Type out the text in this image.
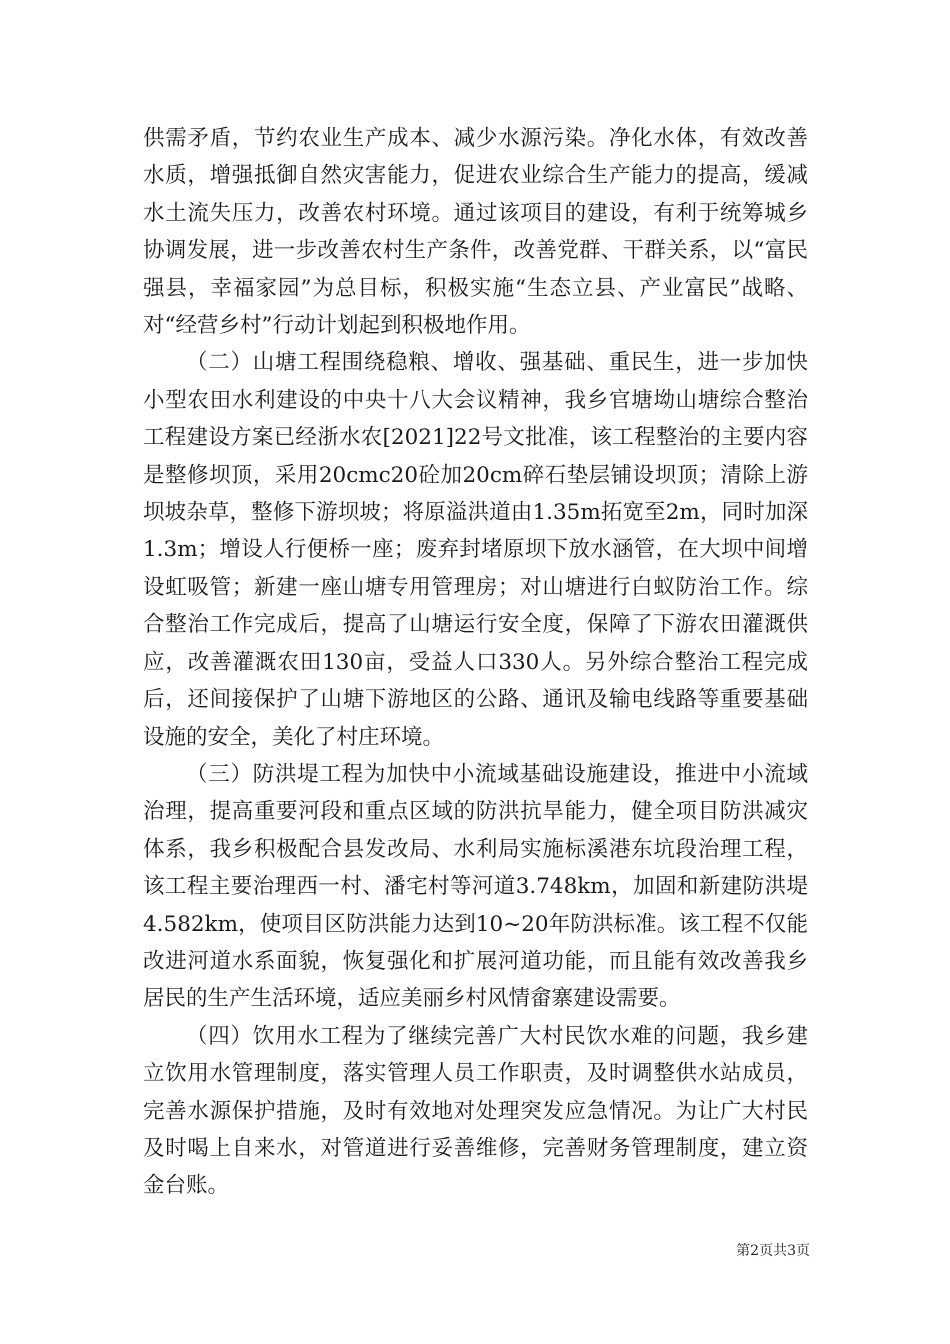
供需矛盾，节约农业生产成本、减少水源污染。净化水体，有效改善水质，增强抵御自然灾害能力，促进农业综合生产能力的提高，缓减水土流失压力，改善农村环境。通过该项目的建设，有利于统筹城乡协调发展，进一步改善农村生产条件，改善党群、干群关系，以“富民强县，幸福家园”为总目标，积极实施“生态立县、产业富民”战略、对“经营乡村”行动计划起到积极地作用。

（二）山塘工程围绕稳粮、增收、强基础、重民生，进一步加快小型农田水利建设的中央十八大会议精神，我乡官塘坳山塘综合整治工程建设方案已经浙水农[2021]22号文批准，该工程整治的主要内容是整修坝顶，采用20cmc20砼加20cm碎石垫层铺设坝顶；清除上游坝坡杂草，整修下游坝坡；将原溢洪道由1.35m拓宽至2m，同时加深1.3m；增设人行便桥一座；废弃封堵原坝下放水涵管，在大坝中间增设虹吸管；新建一座山塘专用管理房；对山塘进行白蚁防治工作。综合整治工作完成后，提高了山塘运行安全度，保障了下游农田灌溉供应，改善灌溉农田130亩，受益人口330人。另外综合整治工程完成后，还间接保护了山塘下游地区的公路、通讯及输电线路等重要基础设施的安全，美化了村庄环境。

（三）防洪堤工程为加快中小流域基础设施建设，推进中小流域治理，提高重要河段和重点区域的防洪抗旱能力，健全项目防洪减灾体系，我乡积极配合县发改局、水利局实施标溪港东坑段治理工程，该工程主要治理西一村、潘宅村等河道3.748km，加固和新建防洪堤4.582km，使项目区防洪能力达到10~20年防洪标准。该工程不仅能改进河道水系面貌，恢复强化和扩展河道功能，而且能有效改善我乡居民的生产生活环境，适应美丽乡村风情畲寨建设需要。

（四）饮用水工程为了继续完善广大村民饮水难的问题，我乡建立饮用水管理制度，落实管理人员工作职责，及时调整供水站成员，完善水源保护措施，及时有效地对处理突发应急情况。为让广大村民及时喝上自来水，对管道进行妥善维修，完善财务管理制度，建立资金台账。

第2页共3页
